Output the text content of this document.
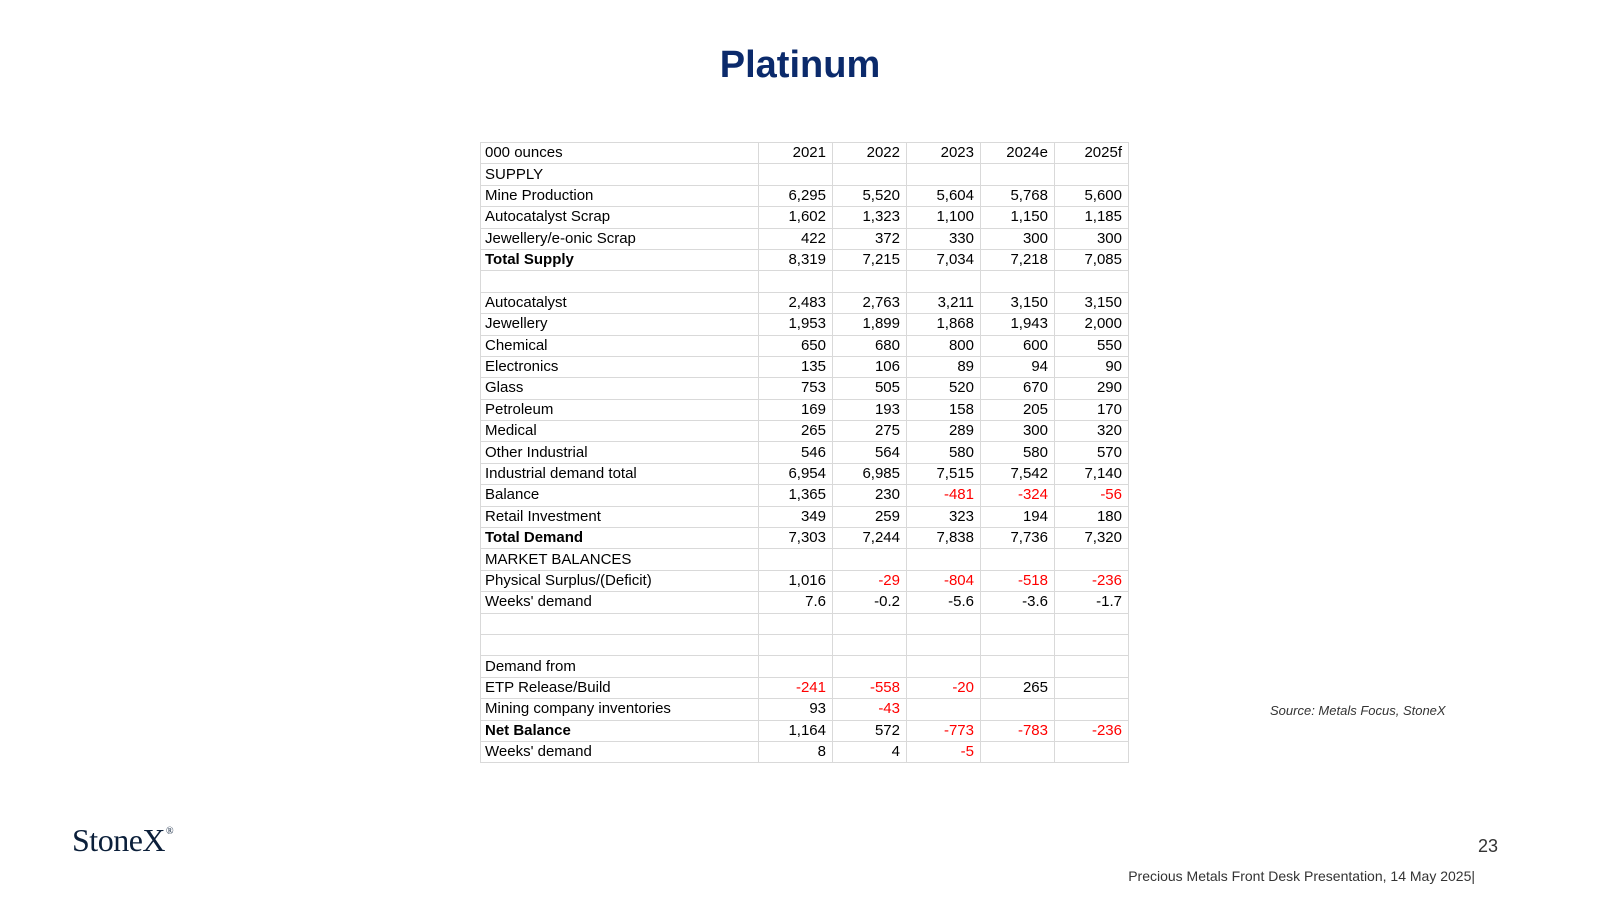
Platinum
000 ounces	2021	2022	2023	2024e	2025f
SUPPLY					
Mine Production	6,295	5,520	5,604	5,768	5,600
Autocatalyst Scrap	1,602	1,323	1,100	1,150	1,185
Jewellery/e-onic Scrap	422	372	330	300	300
Total Supply	8,319	7,215	7,034	7,218	7,085

Autocatalyst	2,483	2,763	3,211	3,150	3,150
Jewellery	1,953	1,899	1,868	1,943	2,000
Chemical	650	680	800	600	550
Electronics	135	106	89	94	90
Glass	753	505	520	670	290
Petroleum	169	193	158	205	170
Medical	265	275	289	300	320
Other Industrial	546	564	580	580	570
Industrial demand total	6,954	6,985	7,515	7,542	7,140
Balance	1,365	230	-481	-324	-56
Retail Investment	349	259	323	194	180
Total Demand	7,303	7,244	7,838	7,736	7,320
MARKET BALANCES					
Physical Surplus/(Deficit)	1,016	-29	-804	-518	-236
Weeks' demand	7.6	-0.2	-5.6	-3.6	-1.7

Demand from					
ETP Release/Build	-241	-558	-20	265	
Mining company inventories	93	-43			
Net Balance	1,164	572	-773	-783	-236
Weeks' demand	8	4	-5		
Source: Metals Focus, StoneX
StoneX®
23
Precious Metals Front Desk Presentation, 14 May 2025|
